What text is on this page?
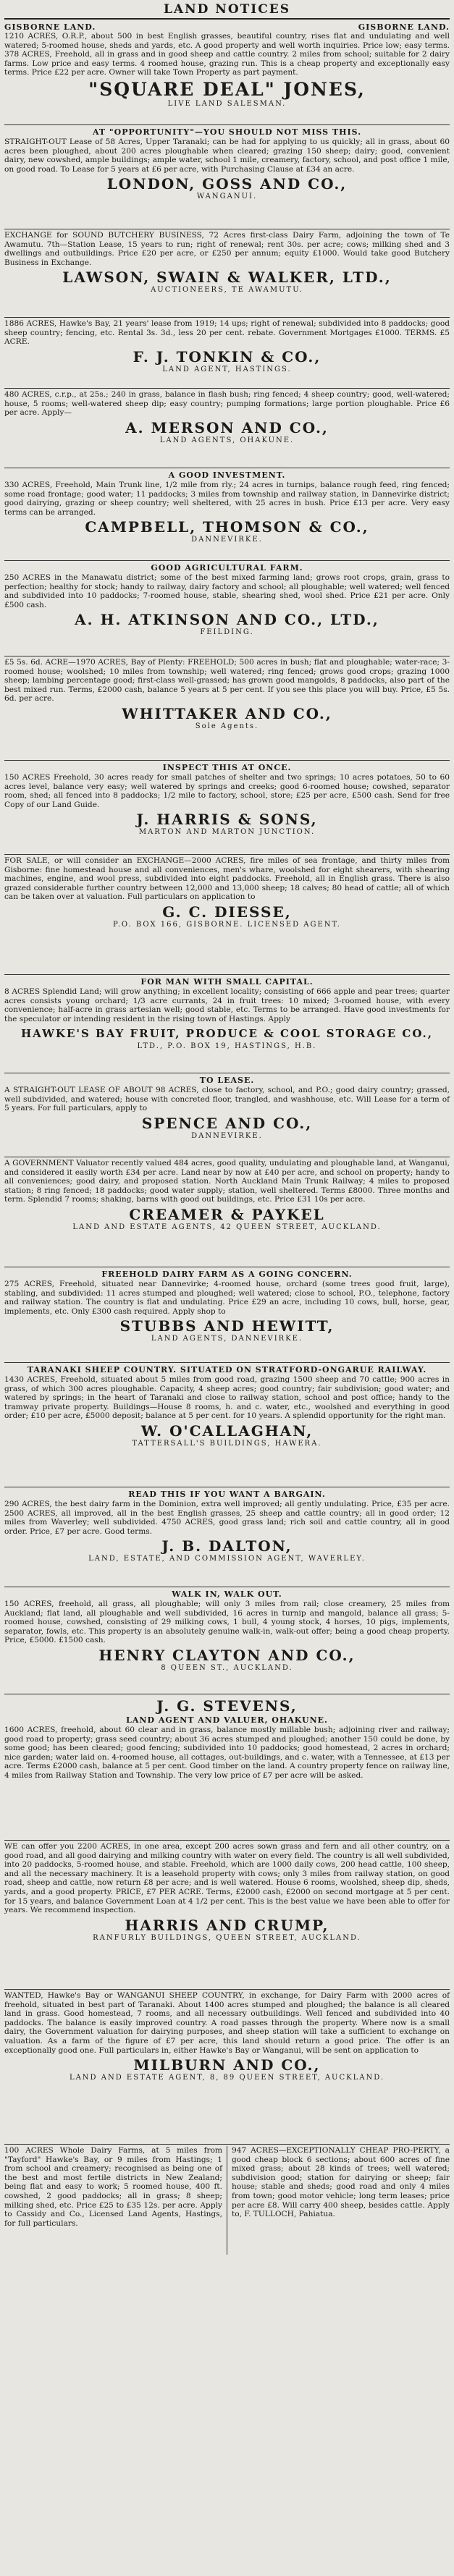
LAND NOTICES
GISBORNE LAND.	GISBORNE LAND.

1210 ACRES, O.R.P., about 500 in best English grasses, beautiful country, rises flat and undulating and well watered; 5-roomed house, sheds and yards, etc. A good property and well worth inquiries. Price low; easy terms. 378 ACRES, Freehold, all in grass and in good sheep and cattle country. 2 miles from school; suitable for 2 dairy farms. Low price and easy terms. 4 roomed house, grazing run. This is a cheap property and exceptionally easy terms. Price £22 per acre. Owner will take Town Property as part payment.

"SQUARE DEAL" JONES,
LIVE LAND SALESMAN.
AT "OPPORTUNITY"—YOU SHOULD NOT MISS THIS.

STRAIGHT-OUT Lease of 58 Acres, Upper Taranaki; can be had for applying to us quickly; all in grass, about 60 acres been ploughed, about 200 acres ploughable when cleared; grazing 150 sheep; dairy; good, convenient dairy, new cowshed, ample buildings; ample water, school 1 mile, creamery, factory, school, and post office 1 mile, on good road. To Lease for 5 years at £6 per acre, with Purchasing Clause at £34 an acre.

LONDON, GOSS AND CO.,
WANGANUI.

EXCHANGE for SOUND BUTCHERY BUSINESS, 72 Acres first-class Dairy Farm, adjoining the town of Te Awamutu. 7th—Station Lease, 15 years to run; right of renewal; rent 30s. per acre; cows; milking shed and 3 dwellings and outbuildings. Price £20 per acre, or £250 per annum; equity £1000. Would take good Butchery Business in Exchange.

LAWSON, SWAIN & WALKER, LTD.,
AUCTIONEERS, TE AWAMUTU.

1886 ACRES, Hawke's Bay, 21 years' lease from 1919; 14 ups; right of renewal; subdivided into 8 paddocks; good sheep country; fencing, etc. Rental 3s. 3d., less 20 per cent. rebate. Government Mortgages £1000. TERMS. £5 ACRE.

F. J. TONKIN & CO.,
LAND AGENT, HASTINGS.

480 ACRES, c.r.p., at 25s.; 240 in grass, balance in flash bush; ring fenced; 4 sheep country; good, well-watered; house, 5 rooms; well-watered sheep dip; easy country; pumping formations; large portion ploughable. Price £6 per acre. Apply—

A. MERSON AND CO.,
LAND AGENTS, OHAKUNE.
A GOOD INVESTMENT.

330 ACRES, Freehold, Main Trunk line, 1/2 mile from rly.; 24 acres in turnips, balance rough feed, ring fenced; some road frontage; good water; 11 paddocks; 3 miles from township and railway station, in Dannevirke district; good dairying, grazing or sheep country; well sheltered, with 25 acres in bush. Price £13 per acre. Very easy terms can be arranged.

CAMPBELL, THOMSON & CO.,
DANNEVIRKE.
GOOD AGRICULTURAL FARM.

250 ACRES in the Manawatu district; some of the best mixed farming land; grows root crops, grain, grass to perfection; healthy for stock; handy to railway, dairy factory and school; all ploughable; well watered; well fenced and subdivided into 10 paddocks; 7-roomed house, stable, shearing shed, wool shed. Price £21 per acre. Only £500 cash.

A. H. ATKINSON AND CO., LTD.,
FEILDING.

£5 5s. 6d. ACRE—1970 ACRES, Bay of Plenty: FREEHOLD; 500 acres in bush; flat and ploughable; water-race; 3-roomed house; woolshed; 10 miles from township; well watered; ring fenced; grows good crops; grazing 1000 sheep; lambing percentage good; first-class well-grassed; has grown good mangolds, 8 paddocks, also part of the best mixed run. Terms, £2000 cash, balance 5 years at 5 per cent. If you see this place you will buy. Price, £5 5s. 6d. per acre.

WHITTAKER AND CO.,
Sole Agents.
INSPECT THIS AT ONCE.

150 ACRES Freehold, 30 acres ready for small patches of shelter and two springs; 10 acres potatoes, 50 to 60 acres level, balance very easy; well watered by springs and creeks; good 6-roomed house; cowshed, separator room, shed; all fenced into 8 paddocks; 1/2 mile to factory, school, store; £25 per acre, £500 cash. Send for free Copy of our Land Guide.

J. HARRIS & SONS,
MARTON AND MARTON JUNCTION.

FOR SALE, or will consider an EXCHANGE—2000 ACRES, fire miles of sea frontage, and thirty miles from Gisborne: fine homestead house and all conveniences, men's whare, woolshed for eight shearers, with shearing machines, engine, and wool press, subdivided into eight paddocks. Freehold, all in English grass. There is also grazed considerable further country between 12,000 and 13,000 sheep; 18 calves; 80 head of cattle; all of which can be taken over at valuation. Full particulars on application to

G. C. DIESSE,
P.O. BOX 166, GISBORNE. LICENSED AGENT.
FOR MAN WITH SMALL CAPITAL.

8 ACRES Splendid Land; will grow anything; in excellent locality; consisting of 666 apple and pear trees; quarter acres consists young orchard; 1/3 acre currants, 24 in fruit trees: 10 mixed; 3-roomed house, with every convenience; half-acre in grass artesian well; good stable, etc. Terms to be arranged. Have good investments for the speculator or intending resident in the rising town of Hastings. Apply

HAWKE'S BAY FRUIT, PRODUCE & COOL STORAGE CO.,
LTD., P.O. BOX 19, HASTINGS, H.B.
TO LEASE.

A STRAIGHT-OUT LEASE OF ABOUT 98 ACRES, close to factory, school, and P.O.; good dairy country; grassed, well subdivided, and watered; house with concreted floor, trangled, and washhouse, etc. Will Lease for a term of 5 years. For full particulars, apply to

SPENCE AND CO.,
DANNEVIRKE.

A GOVERNMENT Valuator recently valued 484 acres, good quality, undulating and ploughable land, at Wanganui, and considered it easily worth £34 per acre. Land near by now at £40 per acre, and school on property; handy to all conveniences; good dairy, and proposed station. North Auckland Main Trunk Railway; 4 miles to proposed station; 8 ring fenced; 18 paddocks; good water supply; station, well sheltered. Terms £8000. Three months and term. Splendid 7 rooms; shaking, barns with good out buildings, etc. Price £31 10s per acre.

CREAMER & PAYKEL
LAND AND ESTATE AGENTS, 42 QUEEN STREET, AUCKLAND.
FREEHOLD DAIRY FARM AS A GOING CONCERN.

275 ACRES, Freehold, situated near Dannevirke; 4-roomed house, orchard (some trees good fruit, large), stabling, and subdivided: 11 acres stumped and ploughed; well watered; close to school, P.O., telephone, factory and railway station. The country is flat and undulating. Price £29 an acre, including 10 cows, bull, horse, gear, implements, etc. Only £300 cash required. Apply shop to

STUBBS AND HEWITT,
LAND AGENTS, DANNEVIRKE.
TARANAKI SHEEP COUNTRY. SITUATED ON STRATFORD-ONGARUE RAILWAY.

1430 ACRES, Freehold, situated about 5 miles from good road, grazing 1500 sheep and 70 cattle; 900 acres in grass, of which 300 acres ploughable. Capacity, 4 sheep acres; good country; fair subdivision; good water; and watered by springs; in the heart of Taranaki and close to railway station, school and post office; handy to the tramway private property. Buildings—House 8 rooms, h. and c. water, etc., woolshed and everything in good order; £10 per acre, £5000 deposit; balance at 5 per cent. for 10 years. A splendid opportunity for the right man.

W. O'CALLAGHAN,
TATTERSALL'S BUILDINGS, HAWERA.
READ THIS IF YOU WANT A BARGAIN.

290 ACRES, the best dairy farm in the Dominion, extra well improved; all gently undulating. Price, £35 per acre. 2500 ACRES, all improved, all in the best English grasses, 25 sheep and cattle country; all in good order; 12 miles from Waverley; well subdivided. 4750 ACRES, good grass land; rich soil and cattle country, all in good order. Price, £7 per acre. Good terms.

J. B. DALTON,
LAND, ESTATE, AND COMMISSION AGENT, WAVERLEY.
WALK IN, WALK OUT.

150 ACRES, freehold, all grass, all ploughable; will only 3 miles from rail; close creamery, 25 miles from Auckland; flat land, all ploughable and well subdivided, 16 acres in turnip and mangold, balance all grass; 5-roomed house, cowshed, consisting of 29 milking cows, 1 bull, 4 young stock, 4 horses, 10 pigs, implements, separator, fowls, etc. This property is an absolutely genuine walk-in, walk-out offer; being a good cheap property. Price, £5000. £1500 cash.

HENRY CLAYTON AND CO.,
8 QUEEN ST., AUCKLAND.
J. G. STEVENS,
LAND AGENT AND VALUER, OHAKUNE.

1600 ACRES, freehold, about 60 clear and in grass, balance mostly millable bush; adjoining river and railway; good road to property; grass seed country; about 36 acres stumped and ploughed; another 150 could be done, by some good; has been cleared; good fencing; subdivided into 10 paddocks; good homestead, 2 acres in orchard; nice garden; water laid on. 4-roomed house, all cottages, out-buildings, and c. water, with a Tennessee, at £13 per acre. Terms £2000 cash, balance at 5 per cent. Good timber on the land. A country property fence on railway line, 4 miles from Railway Station and Township. The very low price of £7 per acre will be asked.

WE can offer you 2200 ACRES, in one area, except 200 acres sown grass and fern and all other country, on a good road, and all good dairying and milking country with water on every field. The country is all well subdivided, into 20 paddocks, 5-roomed house, and stable. Freehold, which are 1000 daily cows, 200 head cattle, 100 sheep, and all the necessary machinery. It is a leasehold property with cows; only 3 miles from railway station, on good road, sheep and cattle, now return £8 per acre; and is well watered. House 6 rooms, woolshed, sheep dip, sheds, yards, and a good property. PRICE, £7 PER ACRE. Terms, £2000 cash, £2000 on second mortgage at 5 per cent. for 15 years, and balance Government Loan at 4 1/2 per cent. This is the best value we have been able to offer for years. We recommend inspection.

HARRIS AND CRUMP,
RANFURLY BUILDINGS, QUEEN STREET, AUCKLAND.

WANTED, Hawke's Bay or WANGANUI SHEEP COUNTRY, in exchange, for Dairy Farm with 2000 acres of freehold, situated in best part of Taranaki. About 1400 acres stumped and ploughed; the balance is all cleared land in grass. Good homestead, 7 rooms, and all necessary outbuildings. Well fenced and subdivided into 40 paddocks. The balance is easily improved country. A road passes through the property. Where now is a small dairy, the Government valuation for dairying purposes, and sheep station will take a sufficient to exchange on valuation. As a farm of the figure of £7 per acre, this land should return a good price. The offer is an exceptionally good one. Full particulars in, either Hawke's Bay or Wanganui, will be sent on application to

MILBURN AND CO.,
LAND AND ESTATE AGENT, 8, 89 QUEEN STREET, AUCKLAND.

100 ACRES Whole Dairy Farms, at 5 miles from "Tayford" Hawke's Bay, or 9 miles from Hastings; 1 from school and creamery; recognised as being one of the best and most fertile districts in New Zealand; being flat and easy to work; 5 roomed house, 400 ft. cowshed, 2 good paddocks; all in grass; 8 sheep; milking shed, etc. Price £25 to £35 12s. per acre. Apply to Cassidy and Co., Licensed Land Agents, Hastings, for full particulars.

947 ACRES—EXCEPTIONALLY CHEAP PRO-PERTY, a good cheap block 6 sections; about 600 acres of fine mixed grass; about 28 kinds of trees; well watered; subdivision good; station for dairying or sheep; fair house; stable and sheds; good road and only 4 miles from town; good motor vehicle; long term leases; price per acre £8. Will carry 400 sheep, besides cattle. Apply to, F. TULLOCH, Pahiatua.
